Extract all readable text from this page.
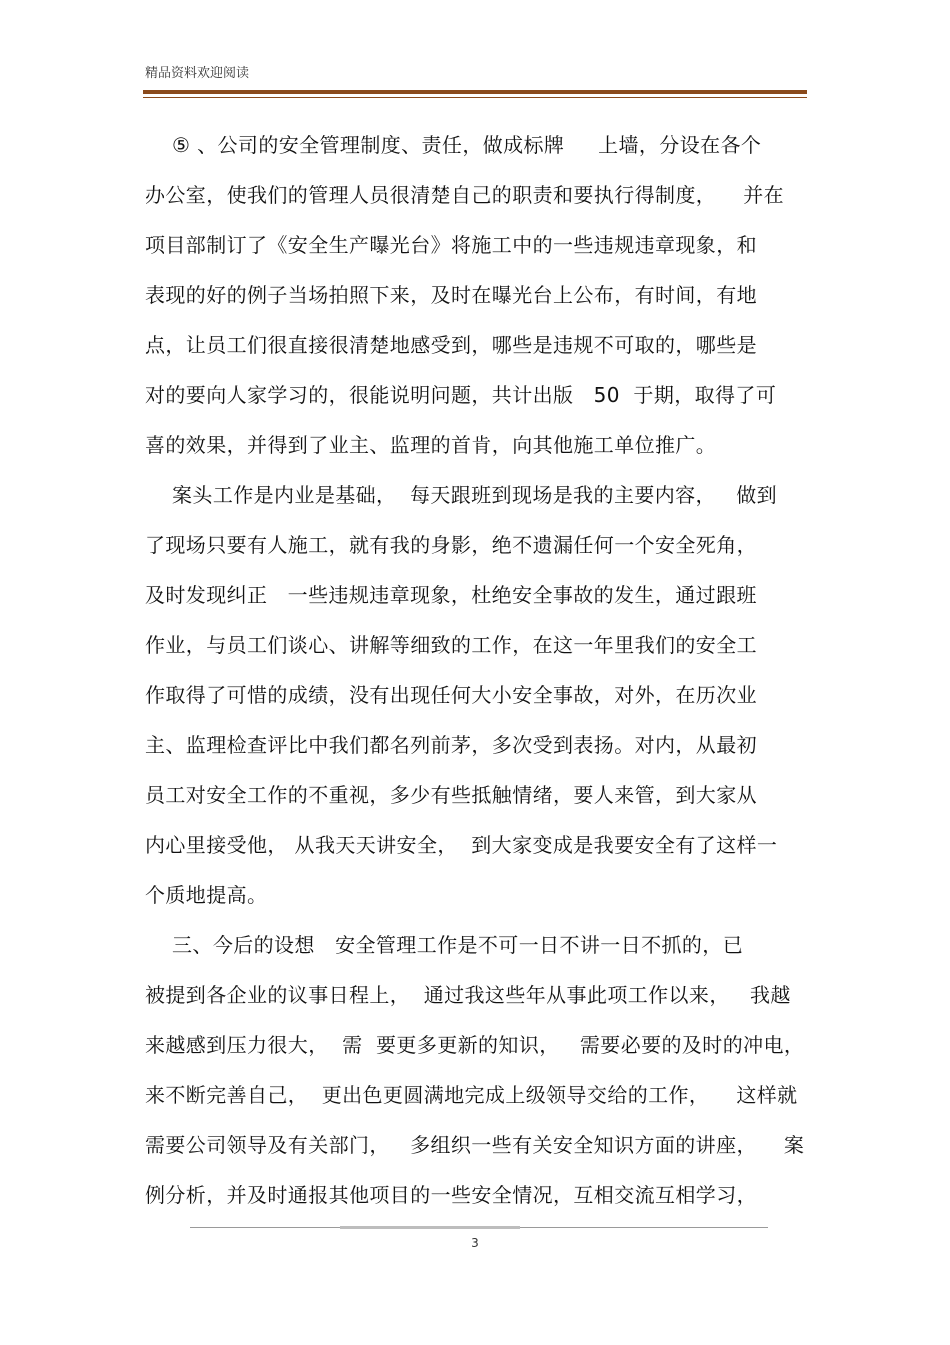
精品资料欢迎阅读
⑤ 、公司的安全管理制度、责任，做成标牌     上墙，分设在各个
办公室，使我们的管理人员很清楚自己的职责和要执行得制度，    并在
项目部制订了《安全生产曝光台》将施工中的一些违规违章现象，和
表现的好的例子当场拍照下来，及时在曝光台上公布，有时间，有地
点，让员工们很直接很清楚地感受到，哪些是违规不可取的，哪些是
对的要向人家学习的，很能说明问题，共计出版   50  于期，取得了可
喜的效果，并得到了业主、监理的首肯，向其他施工单位推广。
案头工作是内业是基础，  每天跟班到现场是我的主要内容，   做到
了现场只要有人施工，就有我的身影，绝不遗漏任何一个安全死角，
及时发现纠正   一些违规违章现象，杜绝安全事故的发生，通过跟班
作业，与员工们谈心、讲解等细致的工作，在这一年里我们的安全工
作取得了可惜的成绩，没有出现任何大小安全事故，对外，在历次业
主、监理检查评比中我们都名列前茅，多次受到表扬。对内，从最初
员工对安全工作的不重视，多少有些抵触情绪，要人来管，到大家从
内心里接受他， 从我天天讲安全，  到大家变成是我要安全有了这样一
个质地提高。
三、今后的设想   安全管理工作是不可一日不讲一日不抓的，已
被提到各企业的议事日程上，  通过我这些年从事此项工作以来，   我越
来越感到压力很大，  需  要更多更新的知识，   需要必要的及时的冲电，
来不断完善自己，  更出色更圆满地完成上级领导交给的工作，    这样就
需要公司领导及有关部门，   多组织一些有关安全知识方面的讲座，    案
例分析，并及时通报其他项目的一些安全情况，互相交流互相学习，
3
